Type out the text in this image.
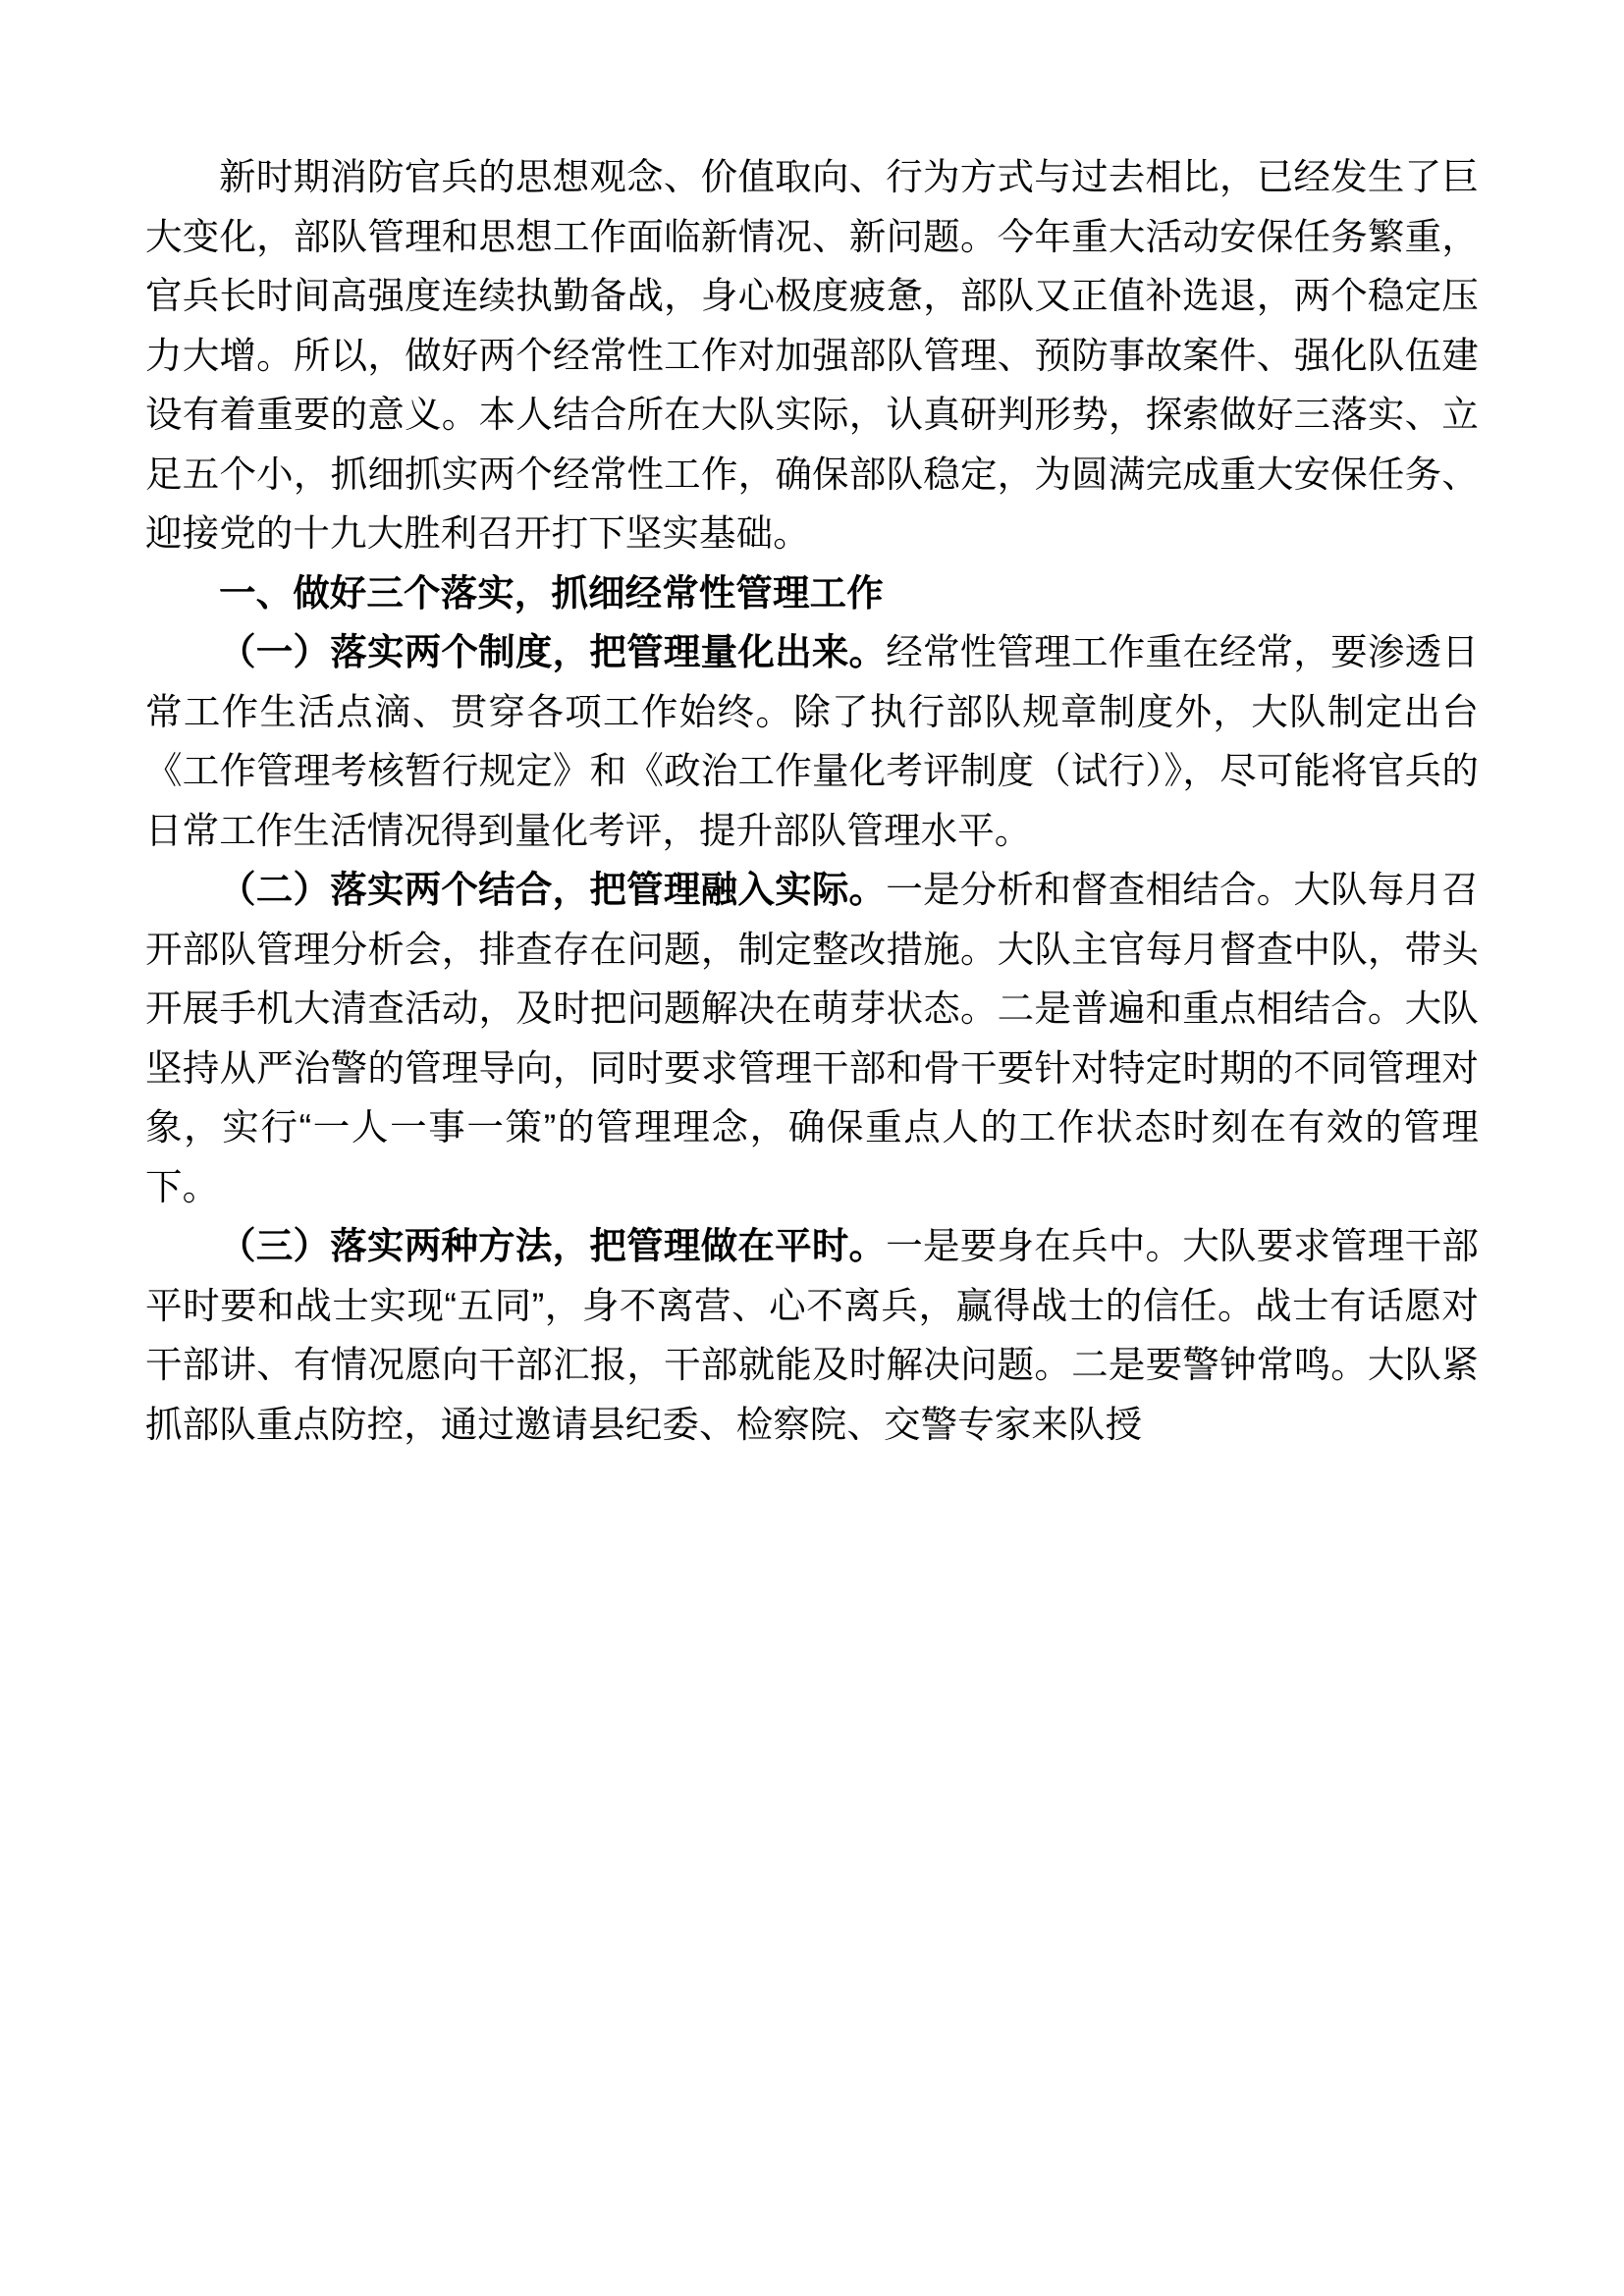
新时期消防官兵的思想观念、价值取向、行为方式与过去相比，已经发生了巨大变化，部队管理和思想工作面临新情况、新问题。今年重大活动安保任务繁重，官兵长时间高强度连续执勤备战，身心极度疲惫，部队又正值补选退，两个稳定压力大增。所以，做好两个经常性工作对加强部队管理、预防事故案件、强化队伍建设有着重要的意义。本人结合所在大队实际，认真研判形势，探索做好三落实、立足五个小，抓细抓实两个经常性工作，确保部队稳定，为圆满完成重大安保任务、迎接党的十九大胜利召开打下坚实基础。

一、做好三个落实，抓细经常性管理工作

（一）落实两个制度，把管理量化出来。经常性管理工作重在经常，要渗透日常工作生活点滴、贯穿各项工作始终。除了执行部队规章制度外，大队制定出台《工作管理考核暂行规定》和《政治工作量化考评制度（试行）》，尽可能将官兵的日常工作生活情况得到量化考评，提升部队管理水平。

（二）落实两个结合，把管理融入实际。一是分析和督查相结合。大队每月召开部队管理分析会，排查存在问题，制定整改措施。大队主官每月督查中队，带头开展手机大清查活动，及时把问题解决在萌芽状态。二是普遍和重点相结合。大队坚持从严治警的管理导向，同时要求管理干部和骨干要针对特定时期的不同管理对象，实行“一人一事一策”的管理理念，确保重点人的工作状态时刻在有效的管理下。

（三）落实两种方法，把管理做在平时。一是要身在兵中。大队要求管理干部平时要和战士实现“五同”，身不离营、心不离兵，赢得战士的信任。战士有话愿对干部讲、有情况愿向干部汇报，干部就能及时解决问题。二是要警钟常鸣。大队紧抓部队重点防控，通过邀请县纪委、检察院、交警专家来队授
